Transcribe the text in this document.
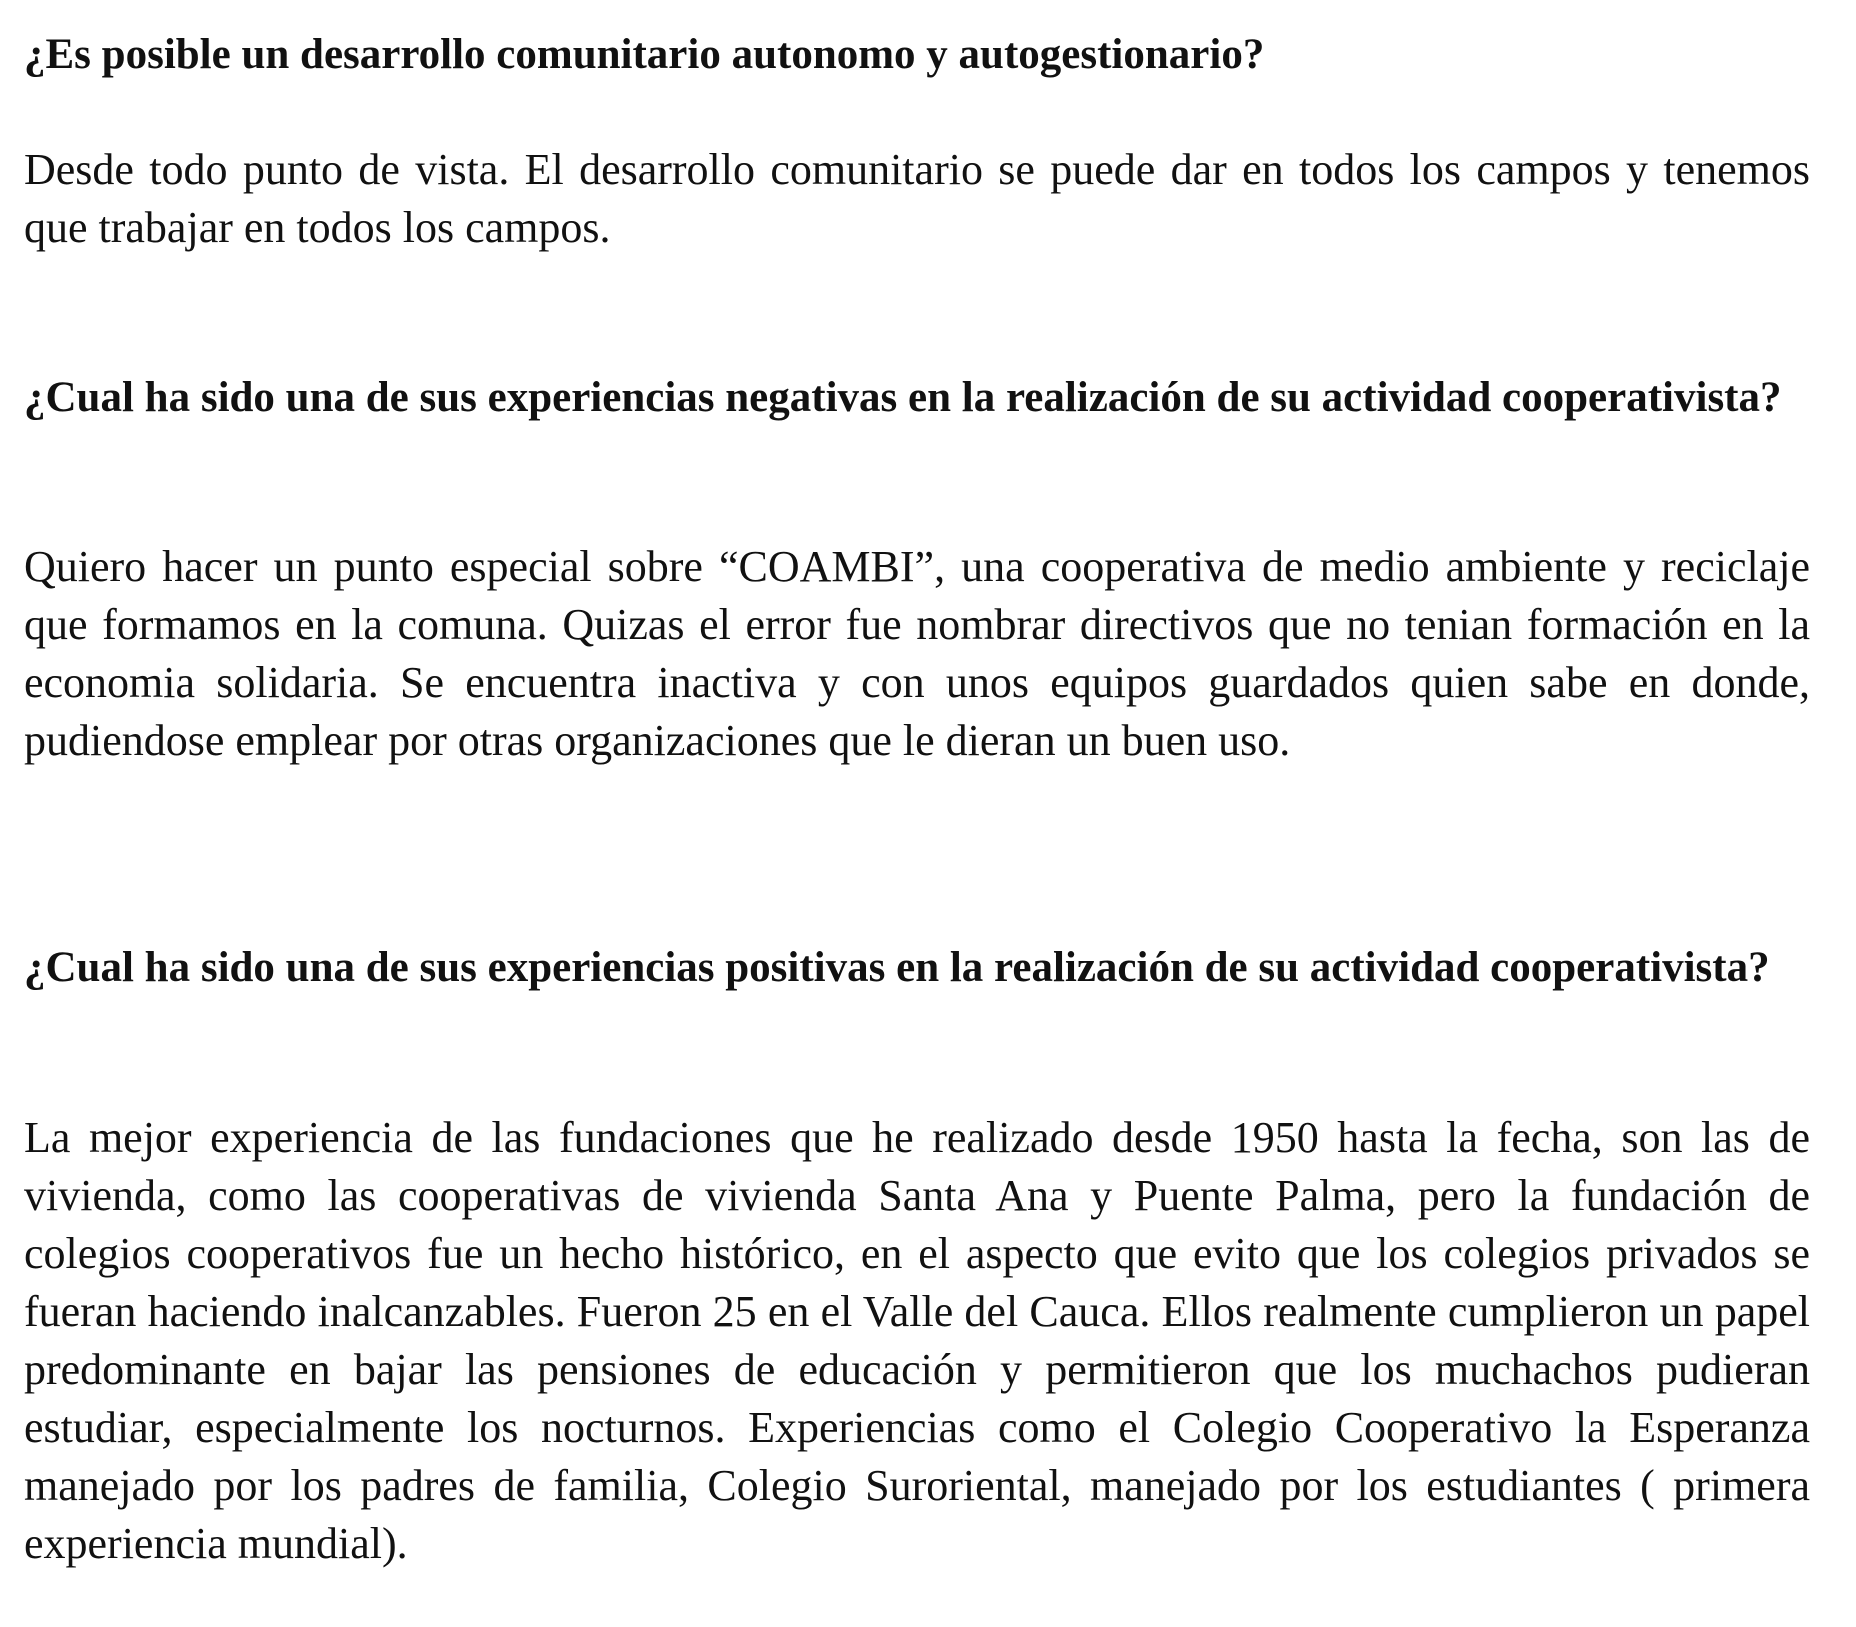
¿Es posible un desarrollo comunitario autonomo y autogestionario?

Desde todo punto de vista. El desarrollo comunitario se puede dar en todos los campos y tenemos que trabajar en todos los campos.

¿Cual ha sido una de sus experiencias negativas en la realización de su actividad cooperativista?

Quiero hacer un punto especial sobre “COAMBI”, una cooperativa de medio ambiente y reciclaje que formamos en la comuna. Quizas el error fue nombrar directivos que no tenian formación en la economia solidaria. Se encuentra inactiva y con unos equipos guardados quien sabe en donde, pudiendose emplear por otras organizaciones que le dieran un buen uso.

¿Cual ha sido una de sus experiencias positivas en la realización de su actividad cooperativista?

La mejor experiencia de las fundaciones que he realizado desde 1950 hasta la fecha, son las de vivienda, como las cooperativas de vivienda Santa Ana y Puente Palma, pero la fundación de colegios cooperativos fue un hecho histórico, en el aspecto que evito que los colegios privados se fueran haciendo inalcanzables. Fueron 25 en el Valle del Cauca. Ellos realmente cumplieron un papel predominante en bajar las pensiones de educación y permitieron que los muchachos pudieran estudiar, especialmente los nocturnos. Experiencias como el Colegio Cooperativo la Esperanza manejado por los padres de familia, Colegio Suroriental, manejado por los estudiantes ( primera experiencia mundial).
